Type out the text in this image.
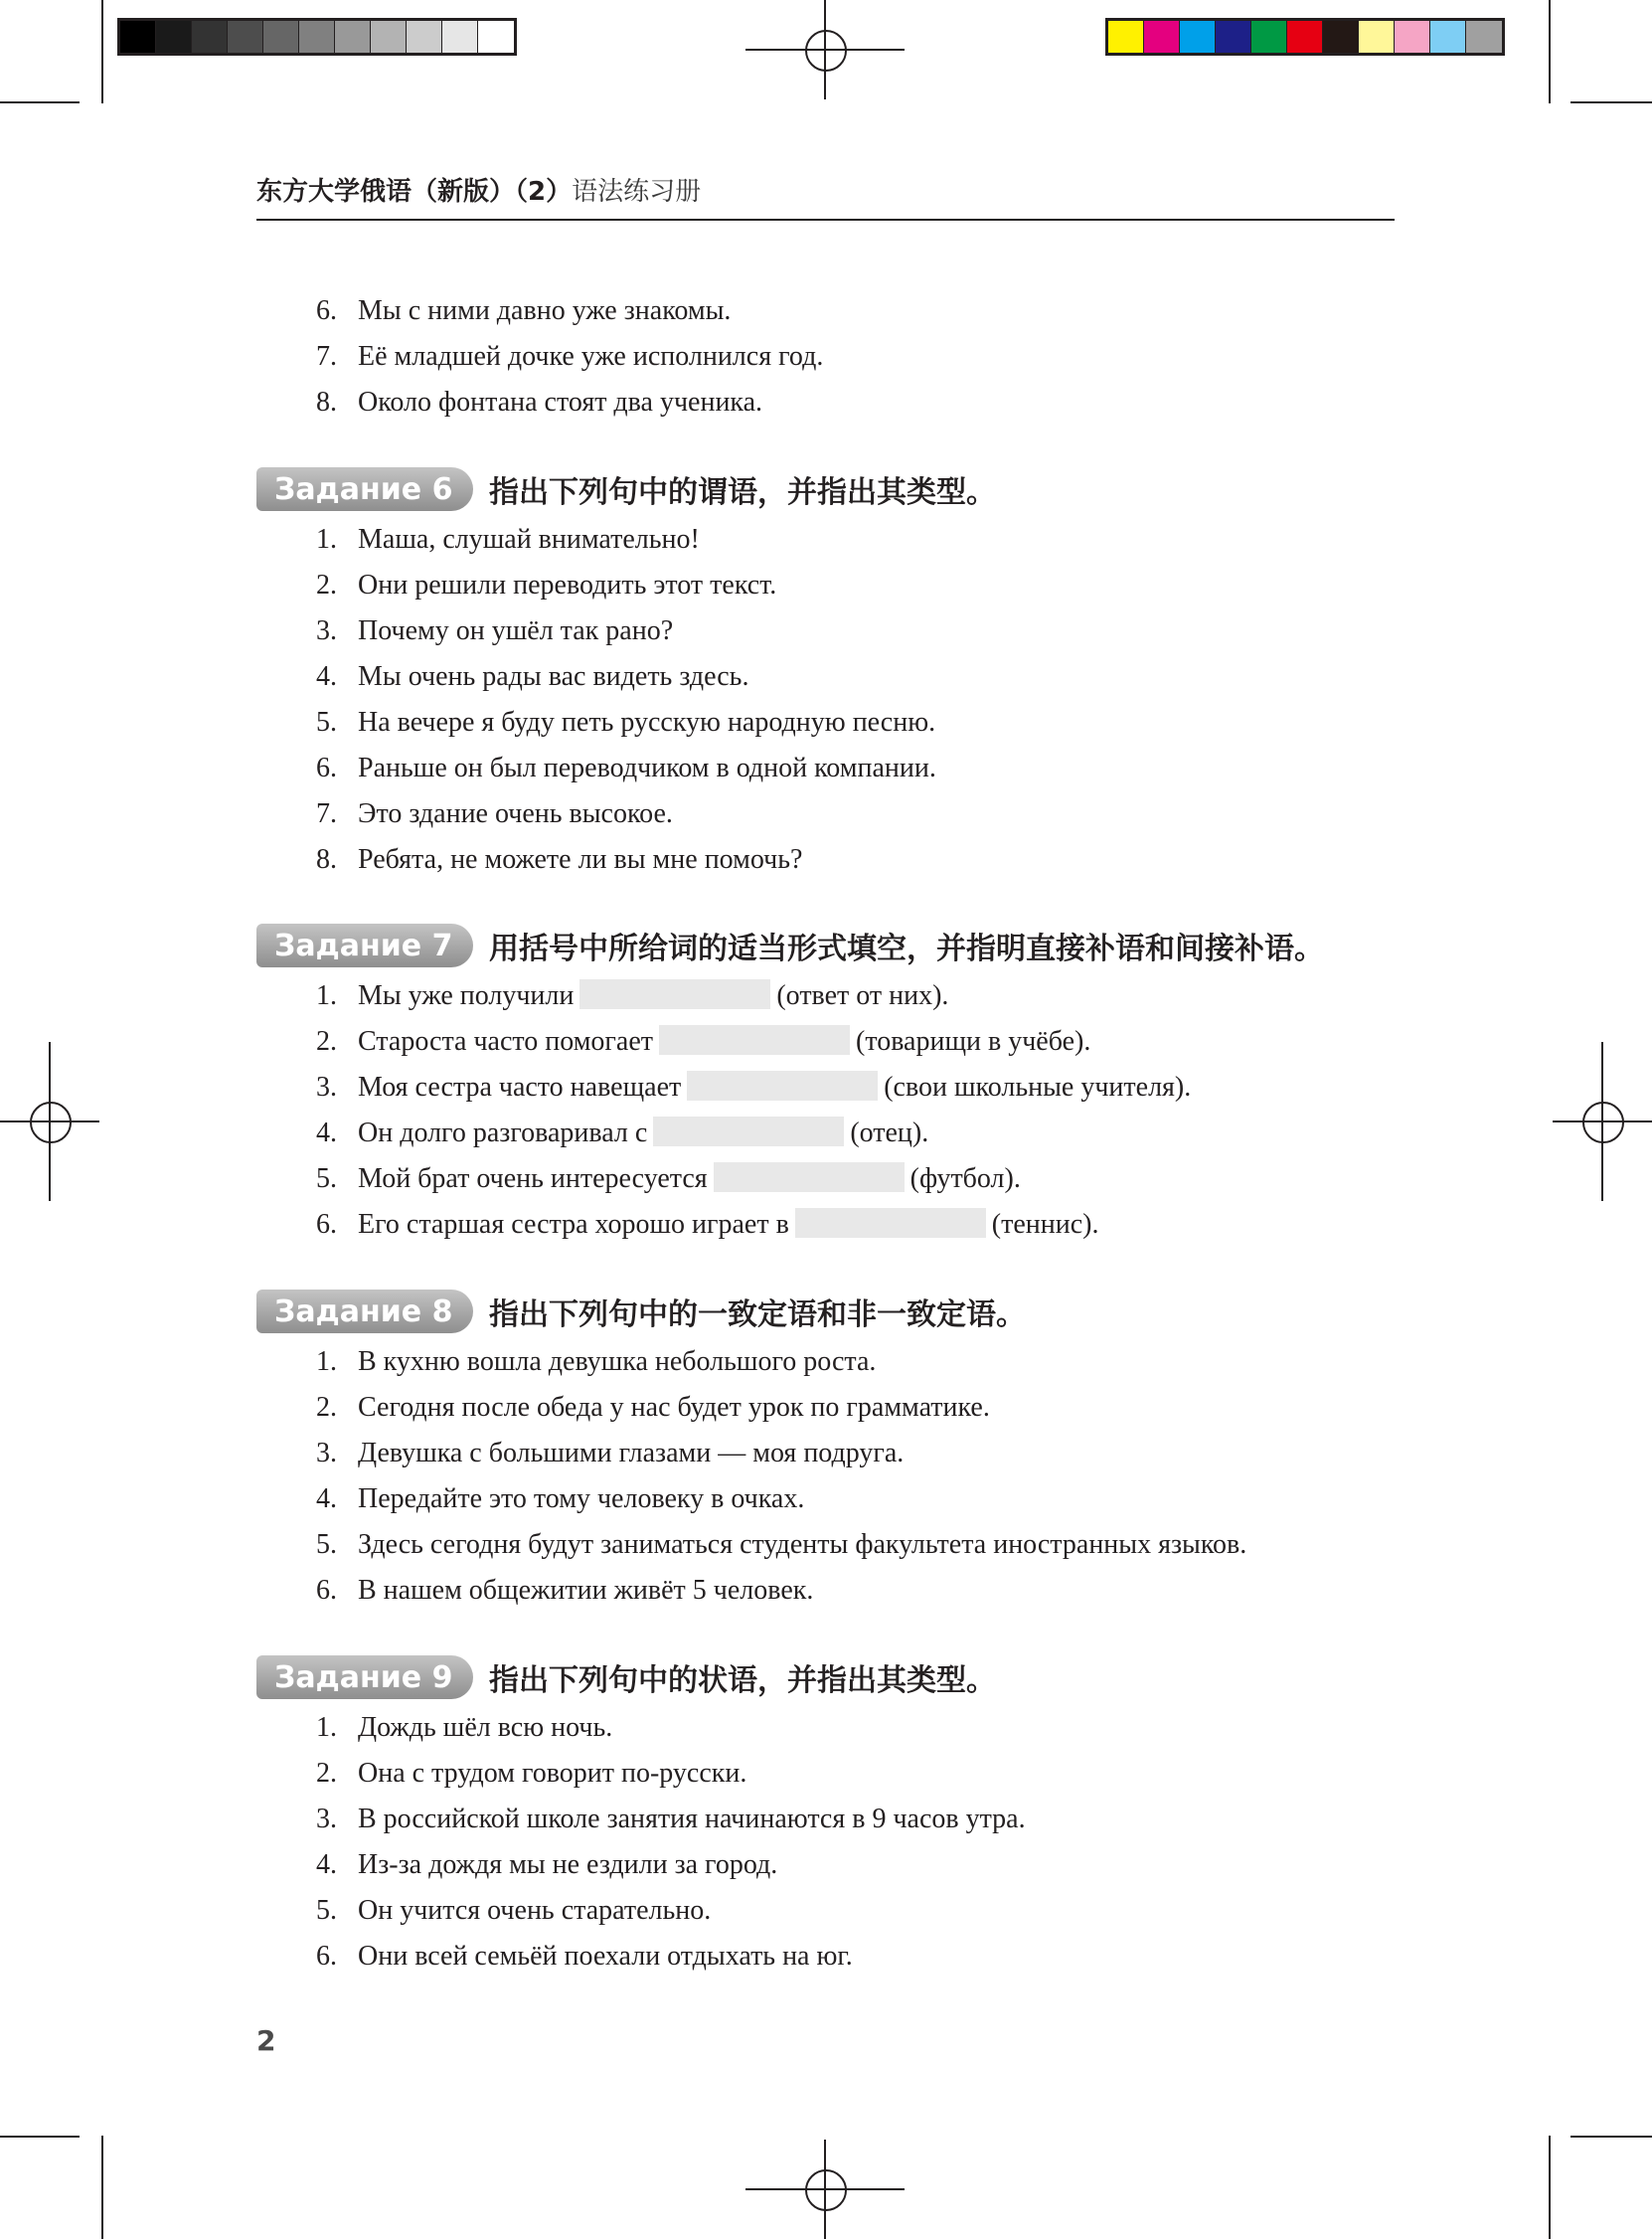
东方大学俄语（新版）（2）语法练习册
6. Мы с ними давно уже знакомы.
7. Её младшей дочке уже исполнился год.
8. Около фонтана стоят два ученика.
Задание 6	指出下列句中的谓语，并指出其类型。
1. Маша, слушай внимательно!
2. Они решили переводить этот текст.
3. Почему он ушёл так рано?
4. Мы очень рады вас видеть здесь.
5. На вечере я буду петь русскую народную песню.
6. Раньше он был переводчиком в одной компании.
7. Это здание очень высокое.
8. Ребята, не можете ли вы мне помочь?
Задание 7	用括号中所给词的适当形式填空，并指明直接补语和间接补语。
1. Мы уже получили	(ответ от них).
2. Староста часто помогает	(товарищи в учёбе).
3. Моя сестра часто навещает	(свои школьные учителя).
4. Он долго разговаривал с	(отец).
5. Мой брат очень интересуется	(футбол).
6. Его старшая сестра хорошо играет в	(теннис).
Задание 8	指出下列句中的一致定语和非一致定语。
1. В кухню вошла девушка небольшого роста.
2. Сегодня после обеда у нас будет урок по грамматике.
3. Девушка с большими глазами — моя подруга.
4. Передайте это тому человеку в очках.
5. Здесь сегодня будут заниматься студенты факультета иностранных языков.
6. В нашем общежитии живёт 5 человек.
Задание 9	指出下列句中的状语，并指出其类型。
1. Дождь шёл всю ночь.
2. Она с трудом говорит по-русски.
3. В российской школе занятия начинаются в 9 часов утра.
4. Из-за дождя мы не ездили за город.
5. Он учится очень старательно.
6. Они всей семьёй поехали отдыхать на юг.
2
